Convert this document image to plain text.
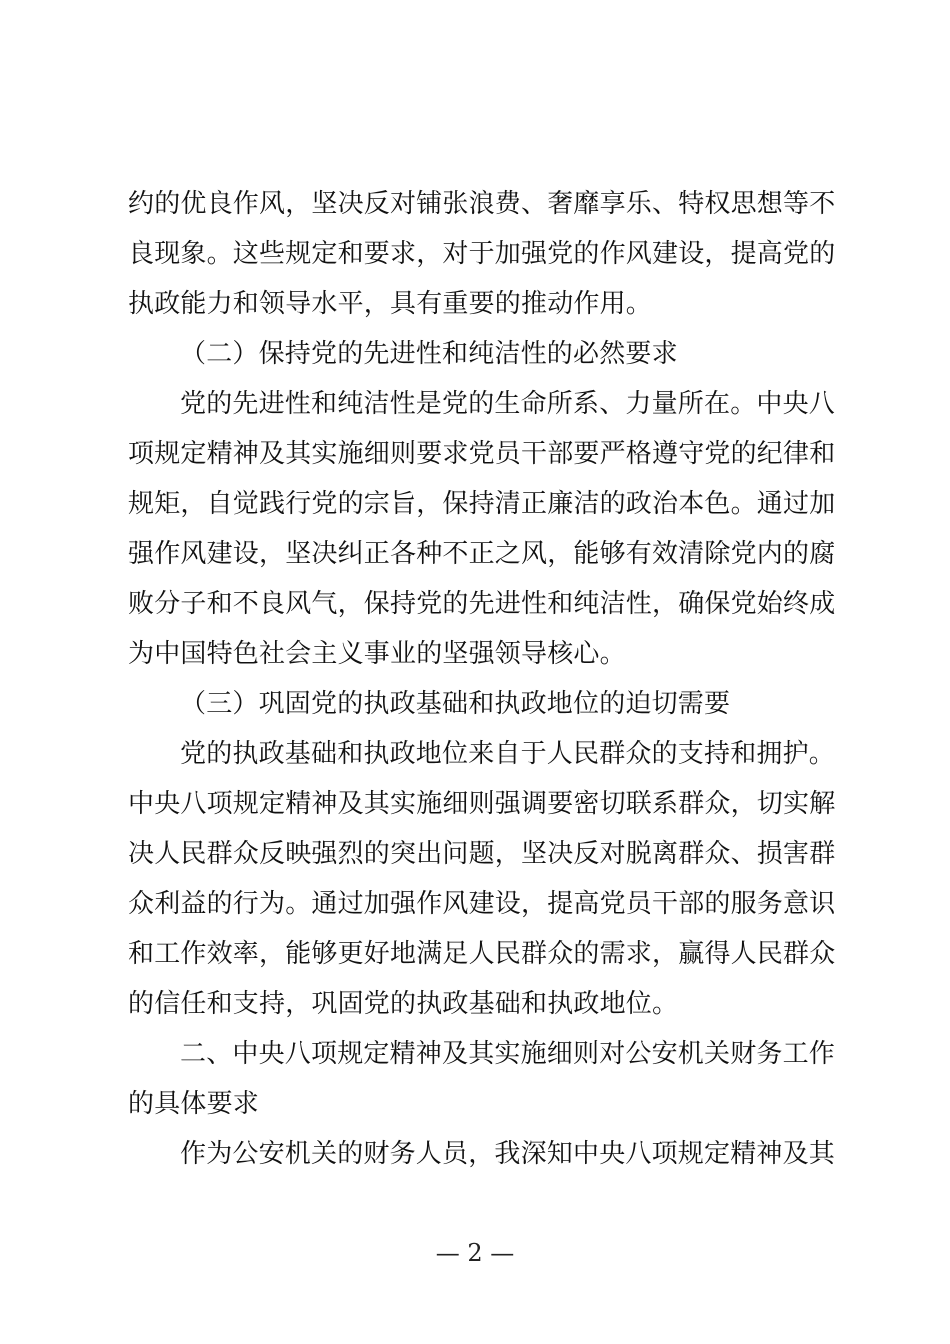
约的优良作风，坚决反对铺张浪费、奢靡享乐、特权思想等不
良现象。这些规定和要求，对于加强党的作风建设，提高党的
执政能力和领导水平，具有重要的推动作用。
（二）保持党的先进性和纯洁性的必然要求
党的先进性和纯洁性是党的生命所系、力量所在。中央八
项规定精神及其实施细则要求党员干部要严格遵守党的纪律和
规矩，自觉践行党的宗旨，保持清正廉洁的政治本色。通过加
强作风建设，坚决纠正各种不正之风，能够有效清除党内的腐
败分子和不良风气，保持党的先进性和纯洁性，确保党始终成
为中国特色社会主义事业的坚强领导核心。
（三）巩固党的执政基础和执政地位的迫切需要
党的执政基础和执政地位来自于人民群众的支持和拥护。
中央八项规定精神及其实施细则强调要密切联系群众，切实解
决人民群众反映强烈的突出问题，坚决反对脱离群众、损害群
众利益的行为。通过加强作风建设，提高党员干部的服务意识
和工作效率，能够更好地满足人民群众的需求，赢得人民群众
的信任和支持，巩固党的执政基础和执政地位。
二、中央八项规定精神及其实施细则对公安机关财务工作
的具体要求
作为公安机关的财务人员，我深知中央八项规定精神及其
— 2 —
